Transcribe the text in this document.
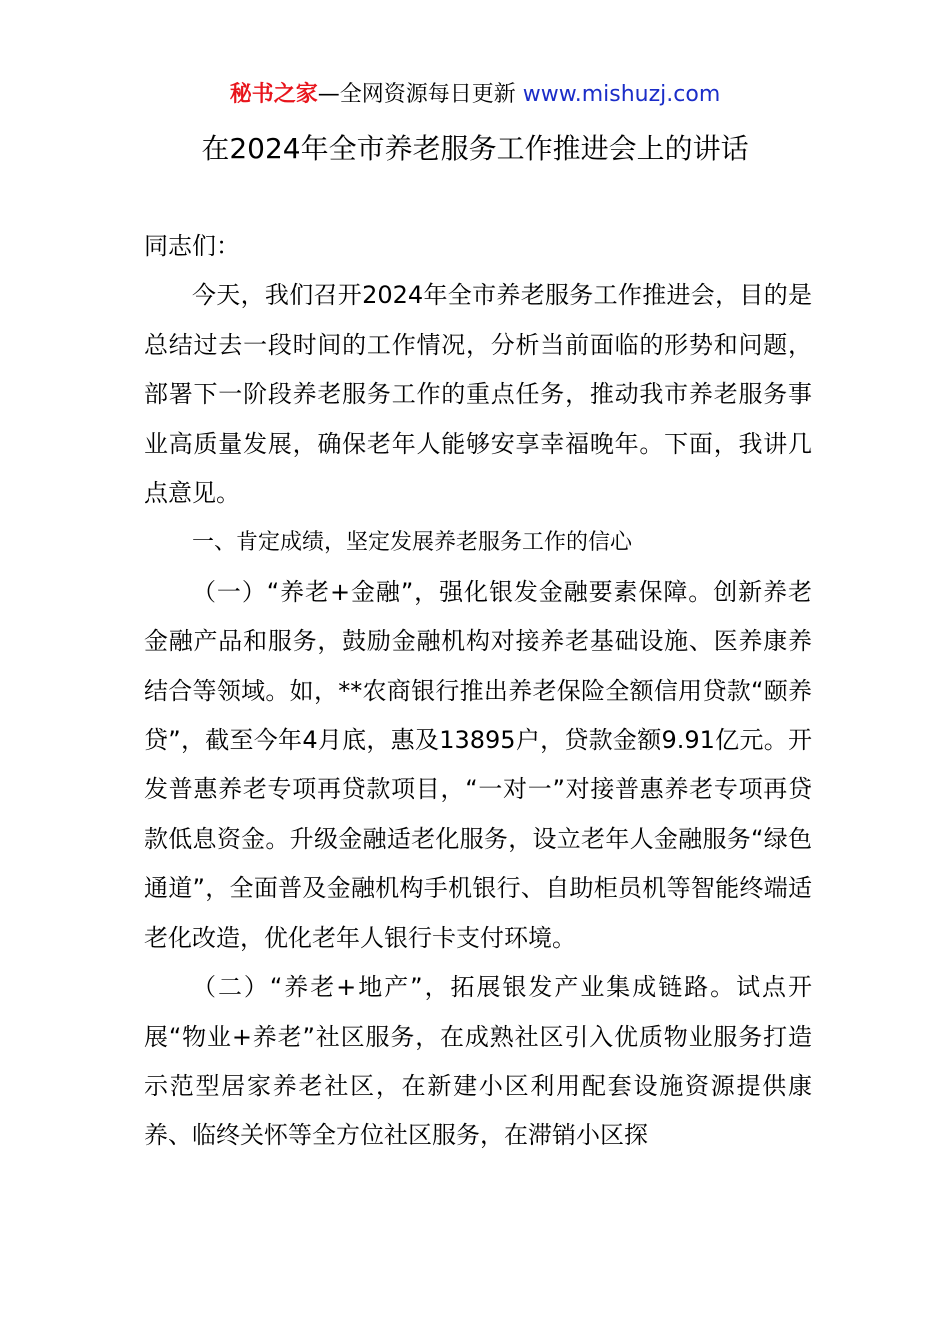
秘书之家—全网资源每日更新 www.mishuzj.com
在2024年全市养老服务工作推进会上的讲话

同志们：

今天，我们召开2024年全市养老服务工作推进会，目的是总结过去一段时间的工作情况，分析当前面临的形势和问题，部署下一阶段养老服务工作的重点任务，推动我市养老服务事业高质量发展，确保老年人能够安享幸福晚年。下面，我讲几点意见。

一、肯定成绩，坚定发展养老服务工作的信心

（一）“养老+金融”，强化银发金融要素保障。创新养老金融产品和服务，鼓励金融机构对接养老基础设施、医养康养结合等领域。如，**农商银行推出养老保险全额信用贷款“颐养贷”，截至今年4月底，惠及13895户，贷款金额9.91亿元。开发普惠养老专项再贷款项目，“一对一”对接普惠养老专项再贷款低息资金。升级金融适老化服务，设立老年人金融服务“绿色通道”，全面普及金融机构手机银行、自助柜员机等智能终端适老化改造，优化老年人银行卡支付环境。

（二）“养老+地产”，拓展银发产业集成链路。试点开展“物业+养老”社区服务，在成熟社区引入优质物业服务打造示范型居家养老社区，在新建小区利用配套设施资源提供康养、临终关怀等全方位社区服务，在滞销小区探
